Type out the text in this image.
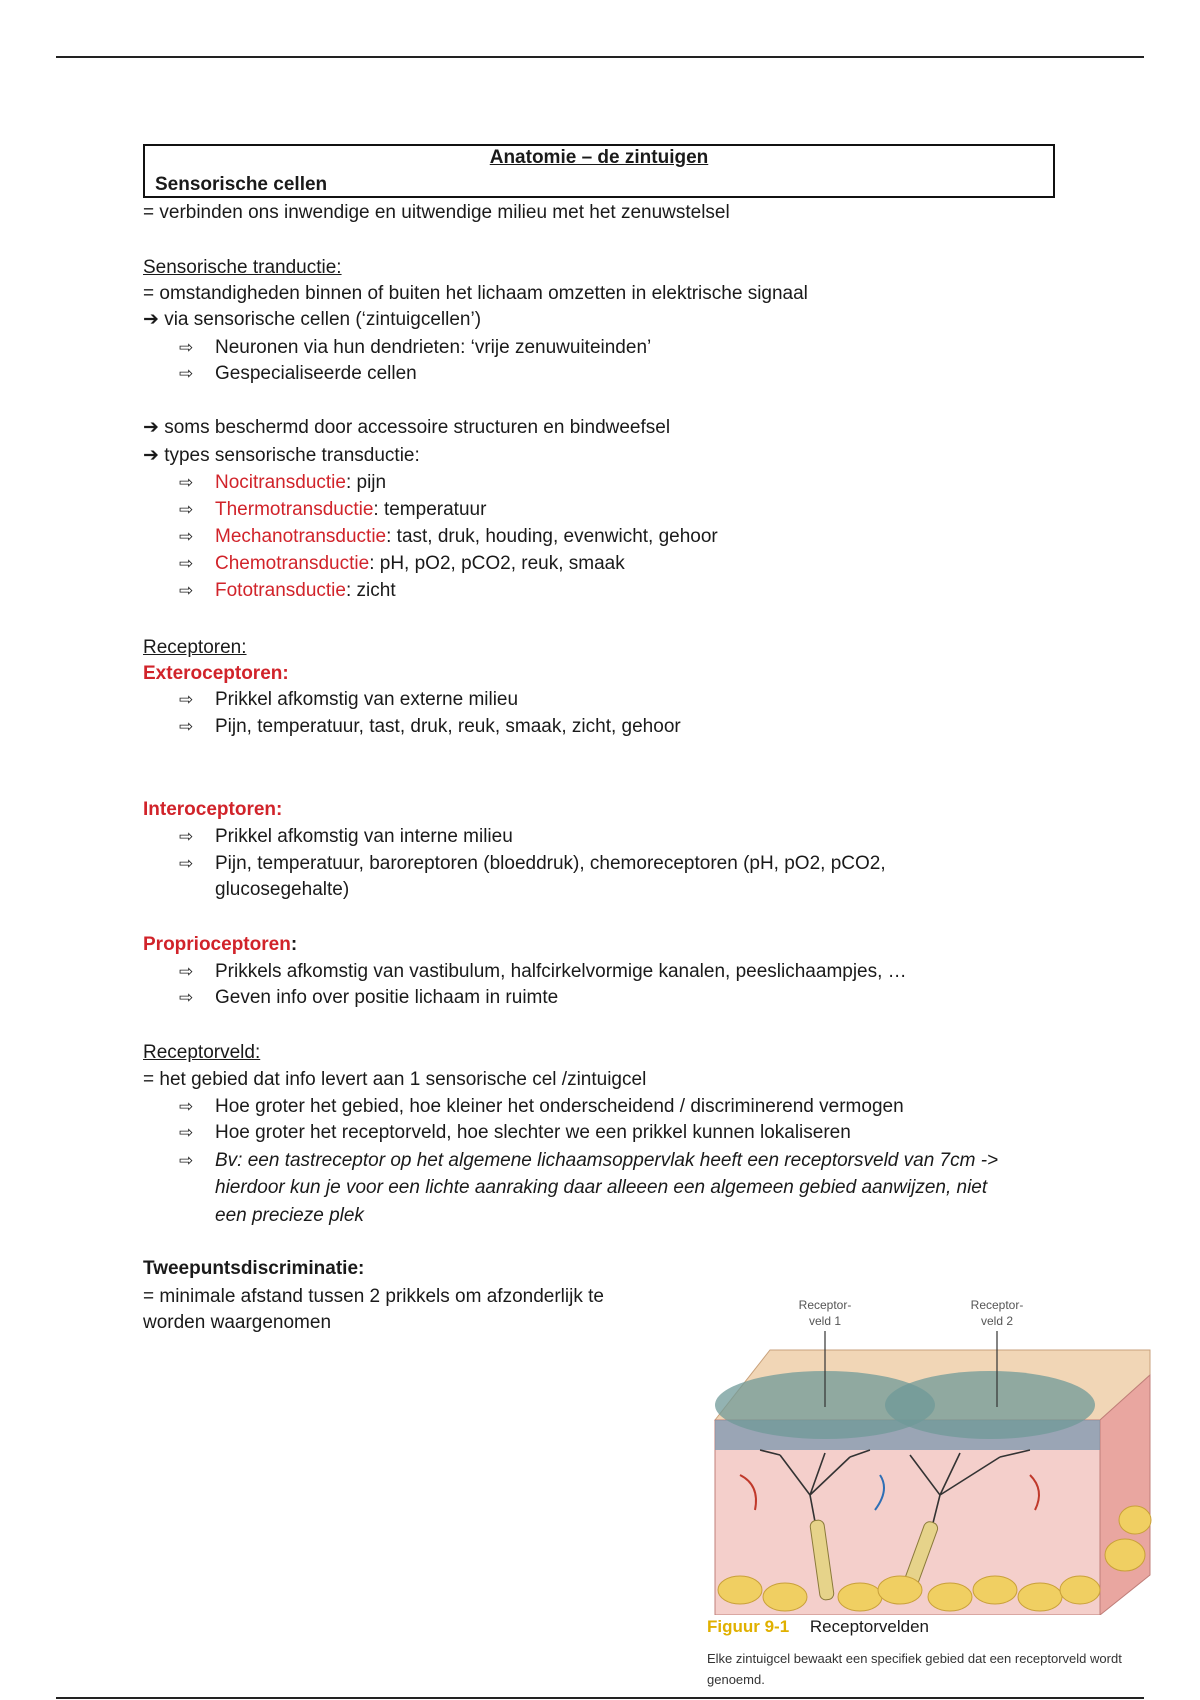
Anatomie – de zintuigen
Sensorische cellen
= verbinden ons inwendige en uitwendige milieu met het zenuwstelsel
Sensorische tranductie:
= omstandigheden binnen of buiten het lichaam omzetten in elektrische signaal
➔ via sensorische cellen (‘zintuigcellen’)
⇨ Neuronen via hun dendrieten: ‘vrije zenuwuiteinden’
⇨ Gespecialiseerde cellen
➔ soms beschermd door accessoire structuren en bindweefsel
➔ types sensorische transductie:
⇨ Nocitransductie: pijn
⇨ Thermotransductie: temperatuur
⇨ Mechanotransductie: tast, druk, houding, evenwicht, gehoor
⇨ Chemotransductie: pH, pO2, pCO2, reuk, smaak
⇨ Fototransductie: zicht
Receptoren:
Exteroceptoren:
⇨ Prikkel afkomstig van externe milieu
⇨ Pijn, temperatuur, tast, druk, reuk, smaak, zicht, gehoor
Interoceptoren:
⇨ Prikkel afkomstig van interne milieu
⇨ Pijn, temperatuur, baroreptoren (bloeddruk), chemoreceptoren (pH, pO2, pCO2,
glucosegehalte)
Proprioceptoren:
⇨ Prikkels afkomstig van vastibulum, halfcirkelvormige kanalen, peeslichaampjes, …
⇨ Geven info over positie lichaam in ruimte
Receptorveld:
= het gebied dat info levert aan 1 sensorische cel /zintuigcel
⇨ Hoe groter het gebied, hoe kleiner het onderscheidend / discriminerend vermogen
⇨ Hoe groter het receptorveld, hoe slechter we een prikkel kunnen lokaliseren
⇨ Bv: een tastreceptor op het algemene lichaamsoppervlak heeft een receptorsveld van 7cm ->
hierdoor kun je voor een lichte aanraking daar alleeen een algemeen gebied aanwijzen, niet
een precieze plek
Tweepuntsdiscriminatie:
= minimale afstand tussen 2 prikkels om afzonderlijk te
worden waargenomen
Receptor-
veld 1
Receptor-
veld 2
Figuur 9-1 Receptorvelden
Elke zintuigcel bewaakt een specifiek gebied dat een receptorveld wordt genoemd.
